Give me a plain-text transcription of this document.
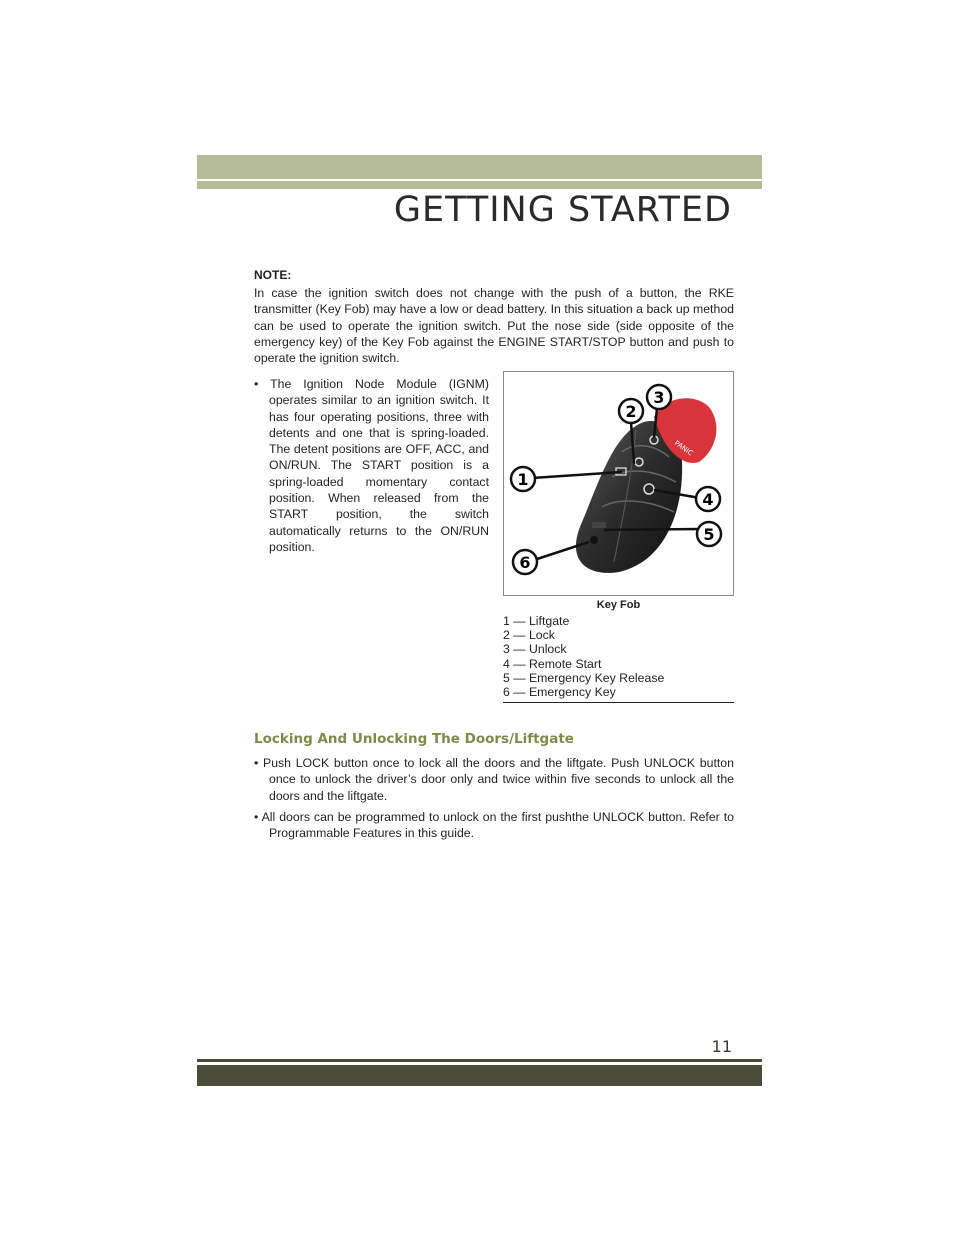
GETTING STARTED
NOTE:
In case the ignition switch does not change with the push of a button, the RKE transmitter (Key Fob) may have a low or dead battery. In this situation a back up method can be used to operate the ignition switch. Put the nose side (side opposite of the emergency key) of the Key Fob against the ENGINE START/STOP button and push to operate the ignition switch.
• The Ignition Node Module (IGNM) operates similar to an ignition switch. It has four operating positions, three with detents and one that is spring-loaded. The detent positions are OFF, ACC, and ON/RUN. The START position is a spring-loaded momentary contact position. When released from the START position, the switch automatically returns to the ON/RUN position.
PANIC
1
2
3
4
5
6
Key Fob
1 — Liftgate
2 — Lock
3 — Unlock
4 — Remote Start
5 — Emergency Key Release
6 — Emergency Key
Locking And Unlocking The Doors/Liftgate
• Push LOCK button once to lock all the doors and the liftgate. Push UNLOCK button once to unlock the driver’s door only and twice within five seconds to unlock all the doors and the liftgate.
• All doors can be programmed to unlock on the first pushthe UNLOCK button. Refer to Programmable Features in this guide.
11
